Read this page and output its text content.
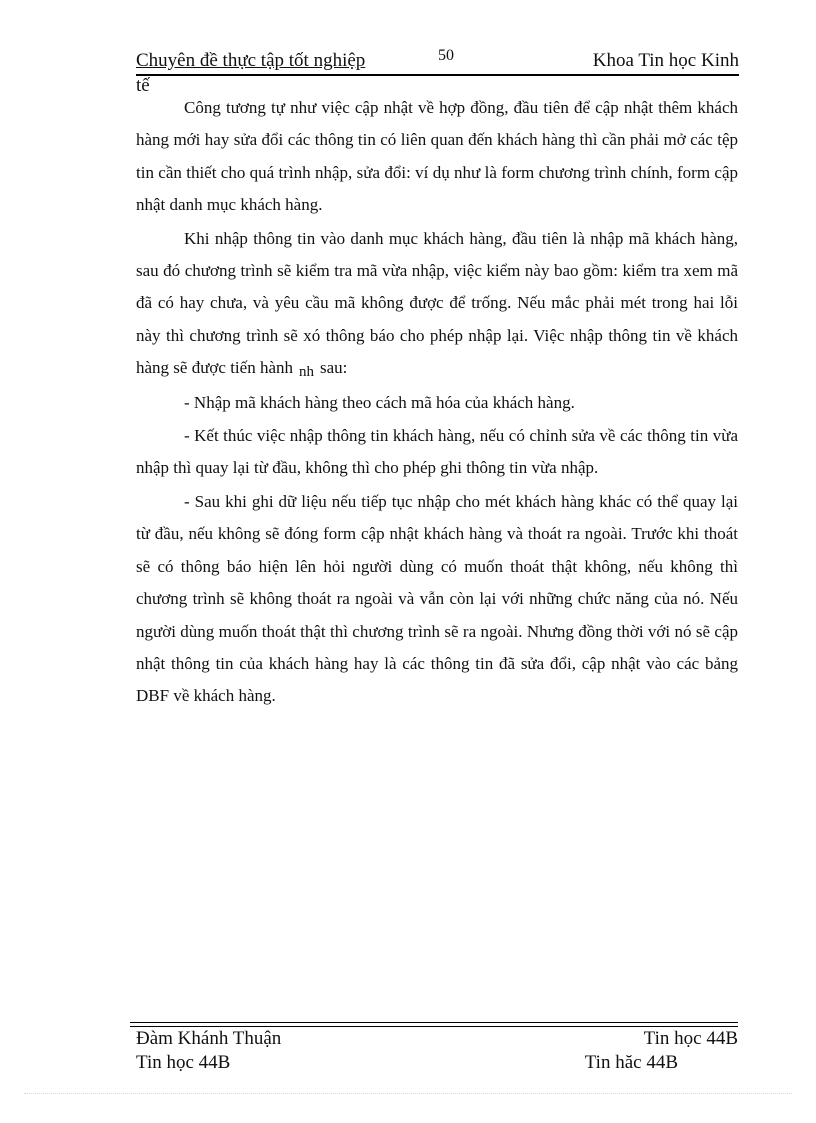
Chuyên đề thực tập tốt nghiệp	50	Khoa Tin học Kinh
tế

Công tương tự như việc cập nhật về hợp đồng, đầu tiên để cập nhật thêm khách hàng mới hay sửa đổi các thông tin có liên quan đến khách hàng thì cần phải mở các tệp tin cần thiết cho quá trình nhập, sửa đổi: ví dụ như là form chương trình chính, form cập nhật danh mục khách hàng.

Khi nhập thông tin vào danh mục khách hàng, đầu tiên là nhập mã khách hàng, sau đó chương trình sẽ kiểm tra mã vừa nhập, việc kiểm này bao gồm: kiểm tra xem mã đã có hay chưa, và yêu cầu mã không được để trống. Nếu mắc phải mét trong hai lỗi này thì chương trình sẽ xó thông báo cho phép nhập lại. Việc nhập thông tin về khách hàng sẽ được tiến hành nh sau:

- Nhập mã khách hàng theo cách mã hóa của khách hàng.

- Kết thúc việc nhập thông tin khách hàng, nếu có chỉnh sửa về các thông tin vừa nhập thì quay lại từ đầu, không thì cho phép ghi thông tin vừa nhập.

- Sau khi ghi dữ liệu nếu tiếp tục nhập cho mét khách hàng khác có thể quay lại từ đầu, nếu không sẽ đóng form cập nhật khách hàng và thoát ra ngoài. Trước khi thoát sẽ có thông báo hiện lên hỏi người dùng có muốn thoát thật không, nếu không thì chương trình sẽ không thoát ra ngoài và vẫn còn lại với những chức năng của nó. Nếu người dùng muốn thoát thật thì chương trình sẽ ra ngoài. Nhưng đồng thời với nó sẽ cập nhật thông tin của khách hàng hay là các thông tin đã sửa đổi, cập nhật vào các bảng DBF về khách hàng.

Đàm Khánh Thuận	Tin học 44B
Tin học 44B	Tin hăc 44B
